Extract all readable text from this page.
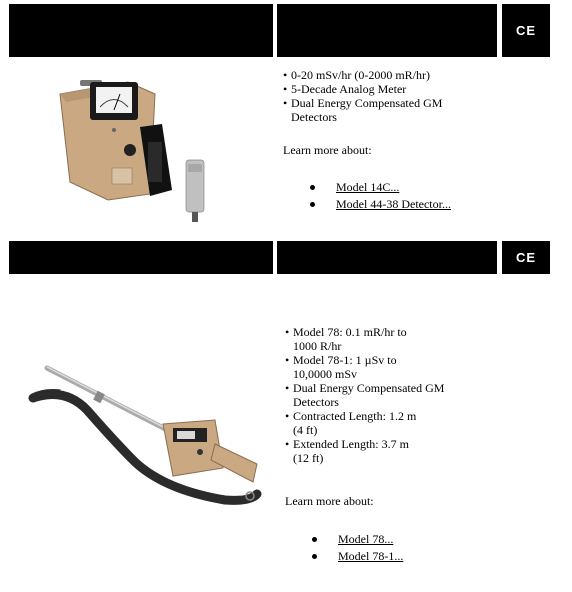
CE
• 0-20 mSv/hr (0-2000 mR/hr)
• 5-Decade Analog Meter
• Dual Energy Compensated GM
Detectors
Learn more about:
Model 14C...
Model 44-38 Detector...
CE
• Model 78: 0.1 mR/hr to
1000 R/hr
• Model 78-1: 1 µSv to
10,0000 mSv
• Dual Energy Compensated GM
Detectors
• Contracted Length: 1.2 m
(4 ft)
• Extended Length: 3.7 m
(12 ft)
Learn more about:
Model 78...
Model 78-1...
